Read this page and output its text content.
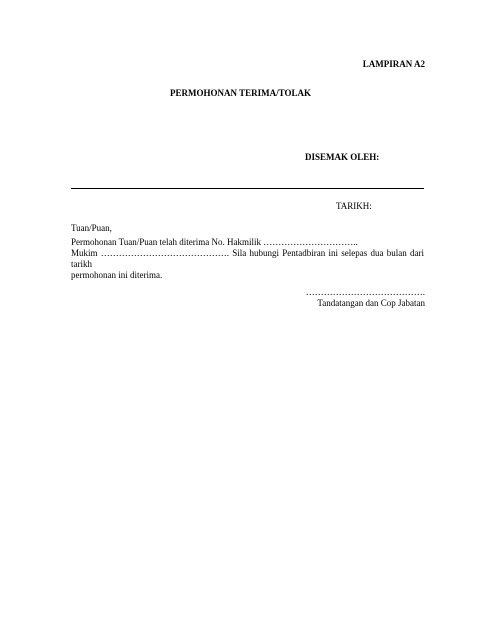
LAMPIRAN A2
PERMOHONAN TERIMA/TOLAK
DISEMAK OLEH:
TARIKH:
Tuan/Puan,
Permohonan Tuan/Puan telah diterima No. Hakmilik …………………………..
Mukim ……………………………………. Sila hubungi Pentadbiran ini selepas dua bulan dari tarikh
permohonan ini diterima.
………………………………….
Tandatangan dan Cop Jabatan
